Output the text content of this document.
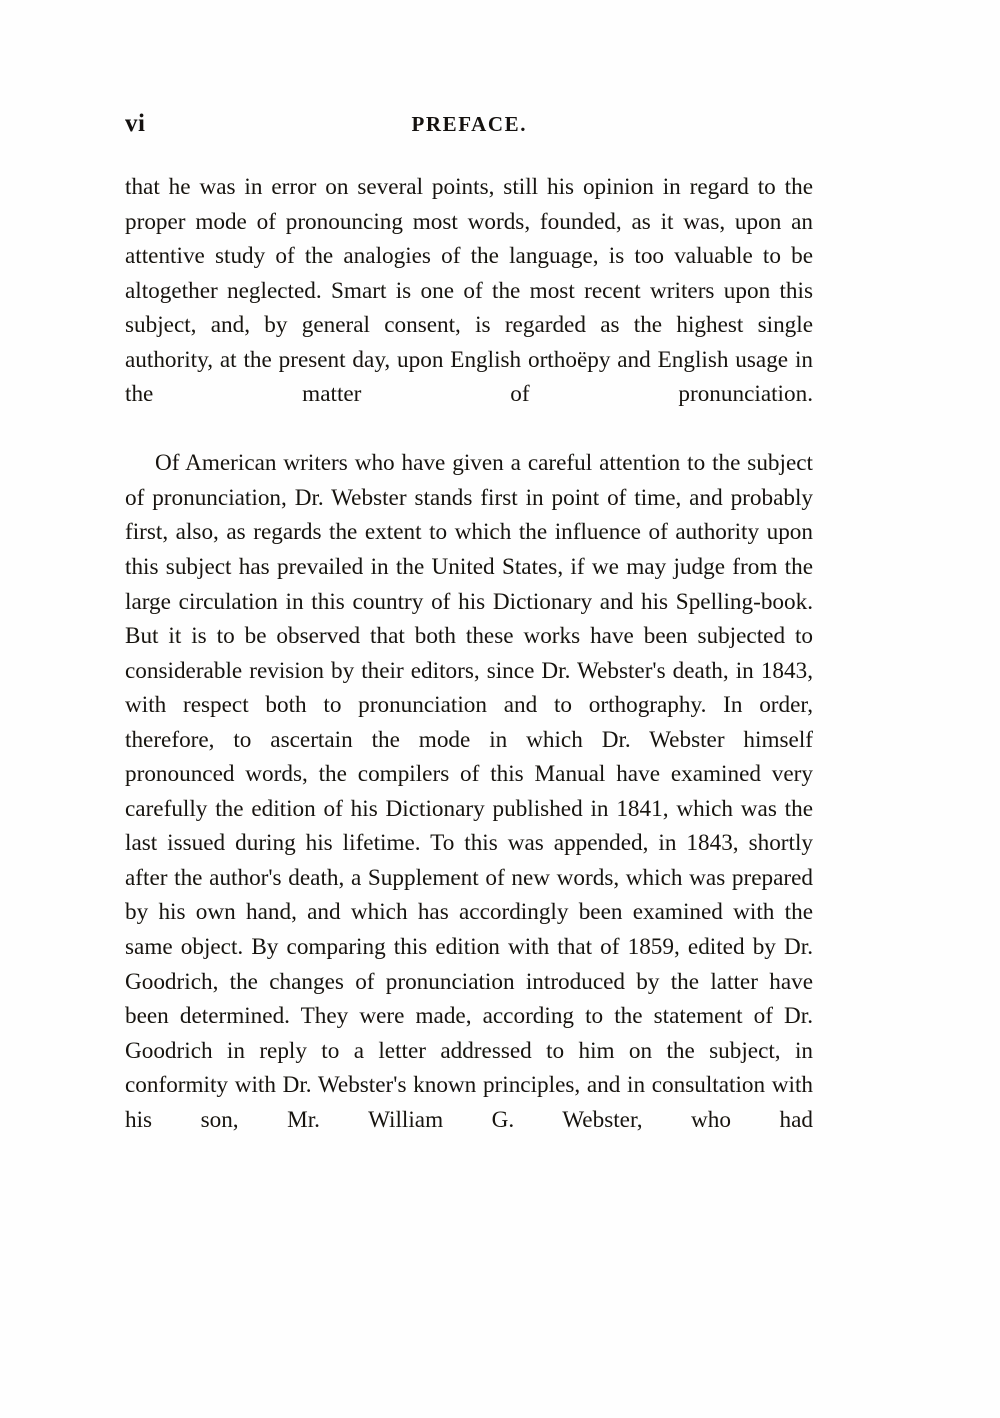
vi	PREFACE.

that he was in error on several points, still his opinion in regard to the proper mode of pronouncing most words, founded, as it was, upon an attentive study of the analogies of the language, is too valuable to be altogether neglected. Smart is one of the most recent writers upon this subject, and, by general consent, is regarded as the highest single authority, at the present day, upon English orthoëpy and English usage in the matter of pronunciation.

Of American writers who have given a careful attention to the subject of pronunciation, Dr. Webster stands first in point of time, and probably first, also, as regards the extent to which the influence of authority upon this subject has prevailed in the United States, if we may judge from the large circulation in this country of his Dictionary and his Spelling-book. But it is to be observed that both these works have been subjected to considerable revision by their editors, since Dr. Webster's death, in 1843, with respect both to pronunciation and to orthography. In order, therefore, to ascertain the mode in which Dr. Webster himself pronounced words, the compilers of this Manual have examined very carefully the edition of his Dictionary published in 1841, which was the last issued during his lifetime. To this was appended, in 1843, shortly after the author's death, a Supplement of new words, which was prepared by his own hand, and which has accordingly been examined with the same object. By comparing this edition with that of 1859, edited by Dr. Goodrich, the changes of pronunciation introduced by the latter have been determined. They were made, according to the statement of Dr. Goodrich in reply to a letter addressed to him on the subject, in conformity with Dr. Webster's known principles, and in consultation with his son, Mr. William G. Webster, who had
